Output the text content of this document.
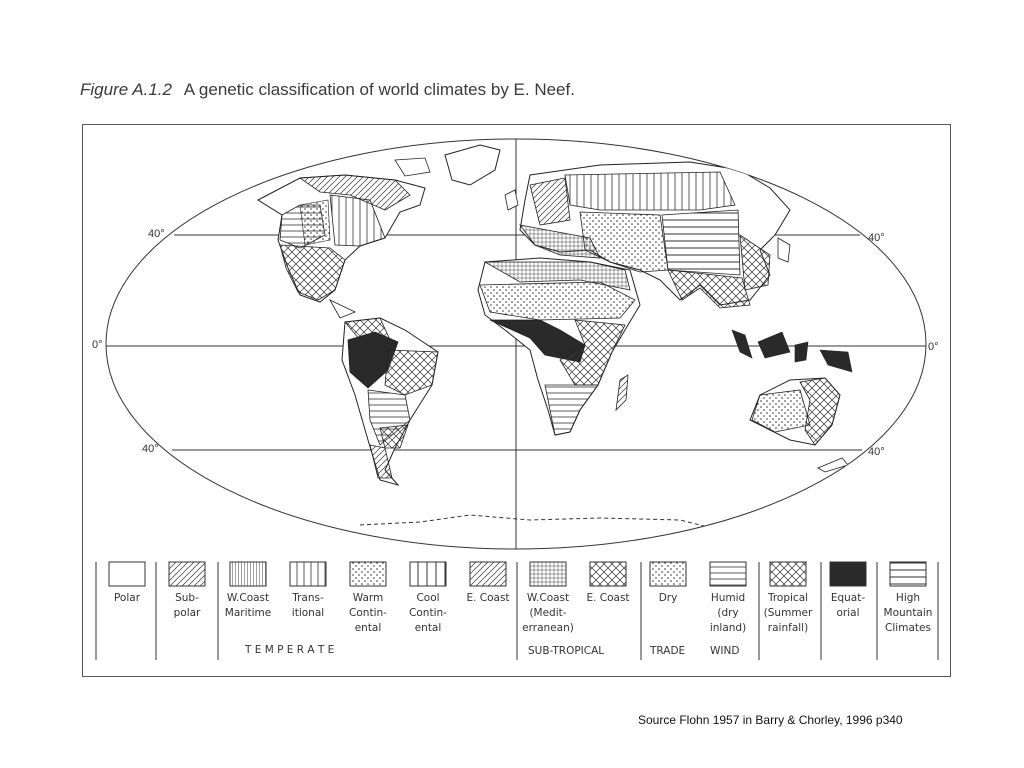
Figure A.1.2 A genetic classification of world climates by E. Neef.
Polar	Sub-
polar
W.Coast
Maritime
Trans-
itional
Warm
Contin-
ental
Cool
Contin-
ental
E. Coast W.Coast
(Medit-
erranean)
E. Coast	Dry	Humid
(dry
inland)
Tropical
(Summer
rainfall)
Equat-
orial
High
Mountain
Climates
T E M P E R A T E	SUB-TROPICAL	TRADE WIND
40°	40°
0°	0°
40°	40°
Source Flohn 1957 in Barry & Chorley, 1996 p340
